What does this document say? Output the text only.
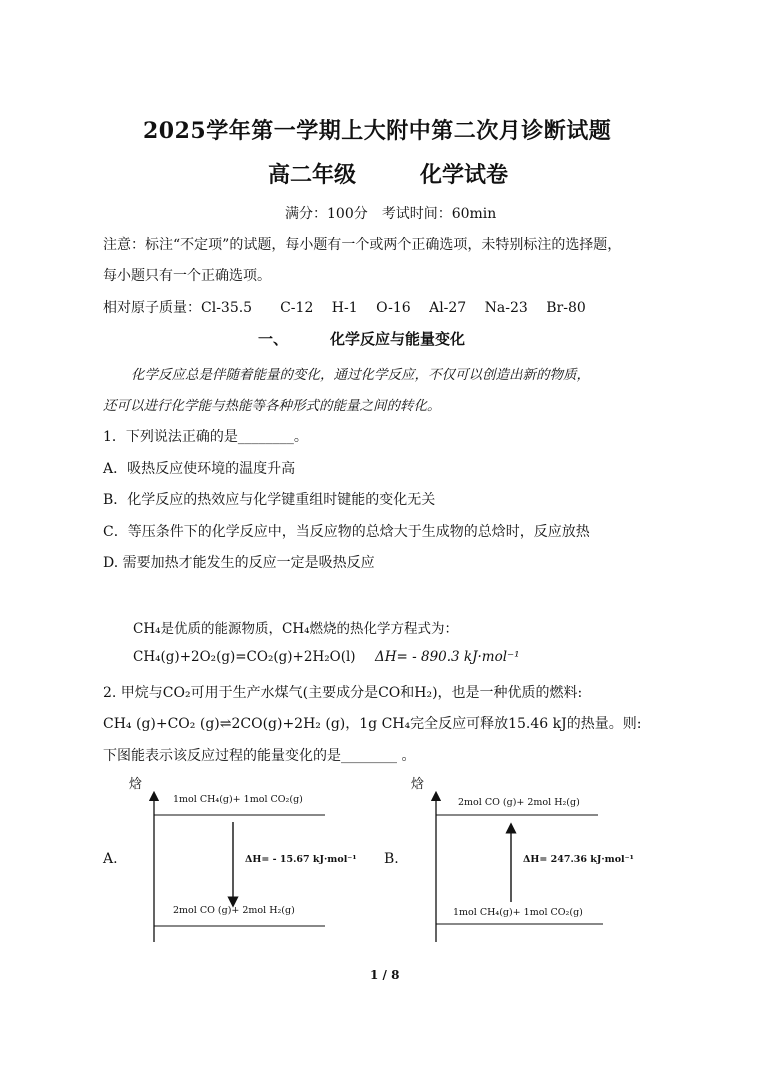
2025学年第一学期上大附中第二次月诊断试题
高二年级	化学试卷
满分：100分　考试时间：60min
注意：标注“不定项”的试题，每小题有一个或两个正确选项，未特别标注的选择题，
每小题只有一个正确选项。
相对原子质量：Cl-35.5　　C-12　 H-1　 O-16　 Al-27　 Na-23　 Br-80
一、	化学反应与能量变化
化学反应总是伴随着能量的变化，通过化学反应，不仅可以创造出新的物质，
还可以进行化学能与热能等各种形式的能量之间的转化。
1．下列说法正确的是________。
A．吸热反应使环境的温度升高
B．化学反应的热效应与化学键重组时键能的变化无关
C．等压条件下的化学反应中，当反应物的总焓大于生成物的总焓时，反应放热
D. 需要加热才能发生的反应一定是吸热反应
CH₄是优质的能源物质，CH₄燃烧的热化学方程式为：
CH₄(g)+2O₂(g)=CO₂(g)+2H₂O(l) ΔH= - 890.3 kJ·mol⁻¹
2. 甲烷与CO₂可用于生产水煤气(主要成分是CO和H₂)，也是一种优质的燃料:
CH₄ (g)+CO₂ (g)⇌2CO(g)+2H₂ (g)，1g CH₄完全反应可释放15.46 kJ的热量。则:
下图能表示该反应过程的能量变化的是________ 。
A.
焓
1mol CH₄(g)+ 1mol CO₂(g)
2mol CO (g)+ 2mol H₂(g)
ΔH= - 15.67 kJ·mol⁻¹ B.
焓
2mol CO (g)+ 2mol H₂(g)
1mol CH₄(g)+ 1mol CO₂(g)
ΔH= 247.36 kJ·mol⁻¹
1 / 8
